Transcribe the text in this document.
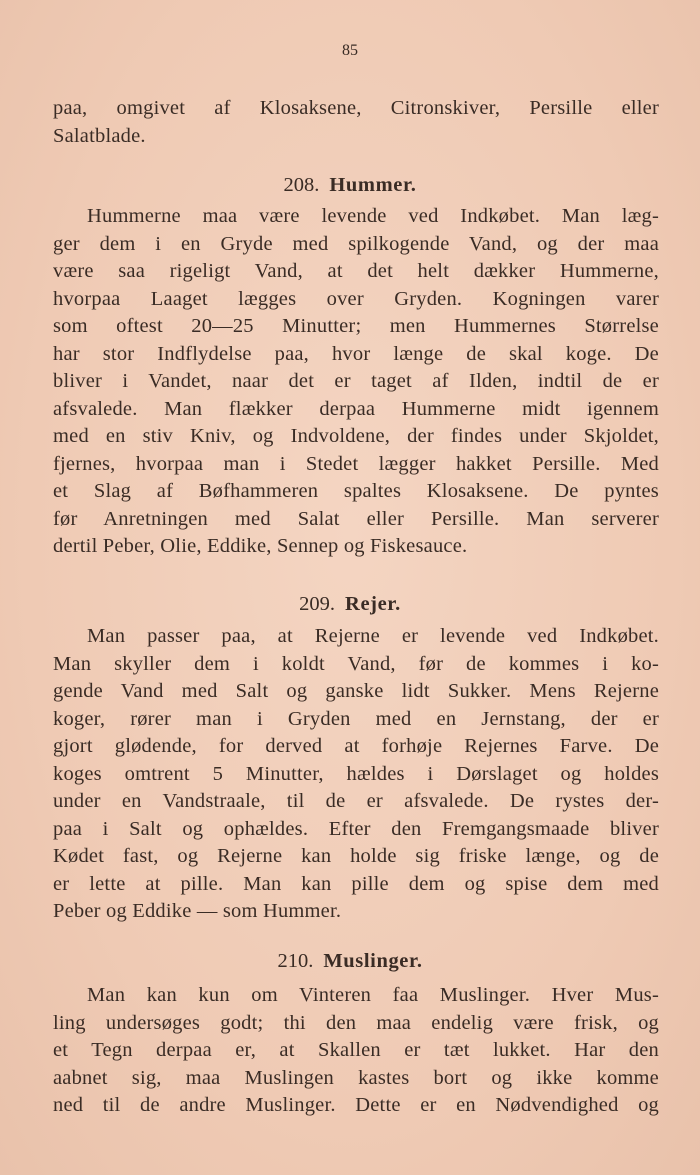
85
paa, omgivet af Klosaksene, Citronskiver, Persille eller
Salatblade.
208. Hummer.
Hummerne maa være levende ved Indkøbet. Man læg-
ger dem i en Gryde med spilkogende Vand, og der maa
være saa rigeligt Vand, at det helt dækker Hummerne,
hvorpaa Laaget lægges over Gryden. Kogningen varer
som oftest 20—25 Minutter; men Hummernes Størrelse
har stor Indflydelse paa, hvor længe de skal koge. De
bliver i Vandet, naar det er taget af Ilden, indtil de er
afsvalede. Man flækker derpaa Hummerne midt igennem
med en stiv Kniv, og Indvoldene, der findes under Skjoldet,
fjernes, hvorpaa man i Stedet lægger hakket Persille. Med
et Slag af Bøfhammeren spaltes Klosaksene. De pyntes
før Anretningen med Salat eller Persille. Man serverer
dertil Peber, Olie, Eddike, Sennep og Fiskesauce.
209. Rejer.
Man passer paa, at Rejerne er levende ved Indkøbet.
Man skyller dem i koldt Vand, før de kommes i ko-
gende Vand med Salt og ganske lidt Sukker. Mens Rejerne
koger, rører man i Gryden med en Jernstang, der er
gjort glødende, for derved at forhøje Rejernes Farve. De
koges omtrent 5 Minutter, hældes i Dørslaget og holdes
under en Vandstraale, til de er afsvalede. De rystes der-
paa i Salt og ophældes. Efter den Fremgangsmaade bliver
Kødet fast, og Rejerne kan holde sig friske længe, og de
er lette at pille. Man kan pille dem og spise dem med
Peber og Eddike — som Hummer.
210. Muslinger.
Man kan kun om Vinteren faa Muslinger. Hver Mus-
ling undersøges godt; thi den maa endelig være frisk, og
et Tegn derpaa er, at Skallen er tæt lukket. Har den
aabnet sig, maa Muslingen kastes bort og ikke komme
ned til de andre Muslinger. Dette er en Nødvendighed og
